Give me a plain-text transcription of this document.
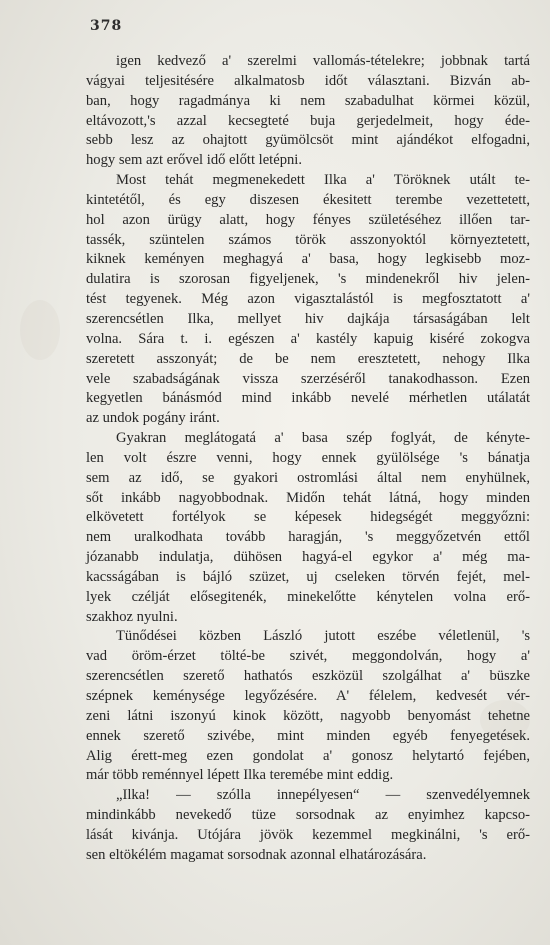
378

igen kedvező a' szerelmi vallomás-tételekre; jobbnak tartá
vágyai teljesitésére alkalmatosb időt választani. Bizván ab-
ban, hogy ragadmánya ki nem szabadulhat körmei közül,
eltávozott,'s azzal kecsegteté buja gerjedelmeit, hogy éde-
sebb lesz az ohajtott gyümölcsöt mint ajándékot elfogadni,
hogy sem azt erővel idő előtt letépni.

Most tehát megmenekedett Ilka a' Töröknek utált te-
kintetétől, és egy diszesen ékesitett terembe vezettetett,
hol azon ürügy alatt, hogy fényes születéséhez illően tar-
tassék, szüntelen számos török asszonyoktól környeztetett,
kiknek keményen meghagyá a' basa, hogy legkisebb moz-
dulatira is szorosan figyeljenek, 's mindenekről hiv jelen-
tést tegyenek. Még azon vigasztalástól is megfosztatott a'
szerencsétlen Ilka, mellyet hiv dajkája társaságában lelt
volna. Sára t. i. egészen a' kastély kapuig kiséré zokogva
szeretett asszonyát; de be nem eresztetett, nehogy Ilka
vele szabadságának vissza szerzéséről tanakodhasson. Ezen
kegyetlen bánásmód mind inkább nevelé mérhetlen utálatát
az undok pogány iránt.

Gyakran meglátogatá a' basa szép foglyát, de kényte-
len volt észre venni, hogy ennek gyülölsége 's bánatja
sem az idő, se gyakori ostromlási által nem enyhülnek,
sőt inkább nagyobbodnak. Midőn tehát látná, hogy minden
elkövetett fortélyok se képesek hidegségét meggyőzni:
nem uralkodhata tovább haragján, 's meggyőzetvén ettől
józanabb indulatja, dühösen hagyá-el egykor a' még ma-
kacsságában is bájló szüzet, uj cseleken törvén fejét, mel-
lyek czélját elősegitenék, minekelőtte kénytelen volna erő-
szakhoz nyulni.

Tünődései közben László jutott eszébe véletlenül, 's
vad öröm-érzet tölté-be szivét, meggondolván, hogy a'
szerencsétlen szerető hathatós eszközül szolgálhat a' büszke
szépnek keménysége legyőzésére. A' félelem, kedvesét vér-
zeni látni iszonyú kinok között, nagyobb benyomást tehetne
ennek szerető szivébe, mint minden egyéb fenyegetések.
Alig érett-meg ezen gondolat a' gonosz helytartó fejében,
már több reménnyel lépett Ilka teremébe mint eddig.

„Ilka! — szólla innepélyesen“ — szenvedélyemnek
mindinkább nevekedő tüze sorsodnak az enyimhez kapcso-
lását kivánja. Utójára jövök kezemmel megkinálni, 's erő-
sen eltökélém magamat sorsodnak azonnal elhatározására.
